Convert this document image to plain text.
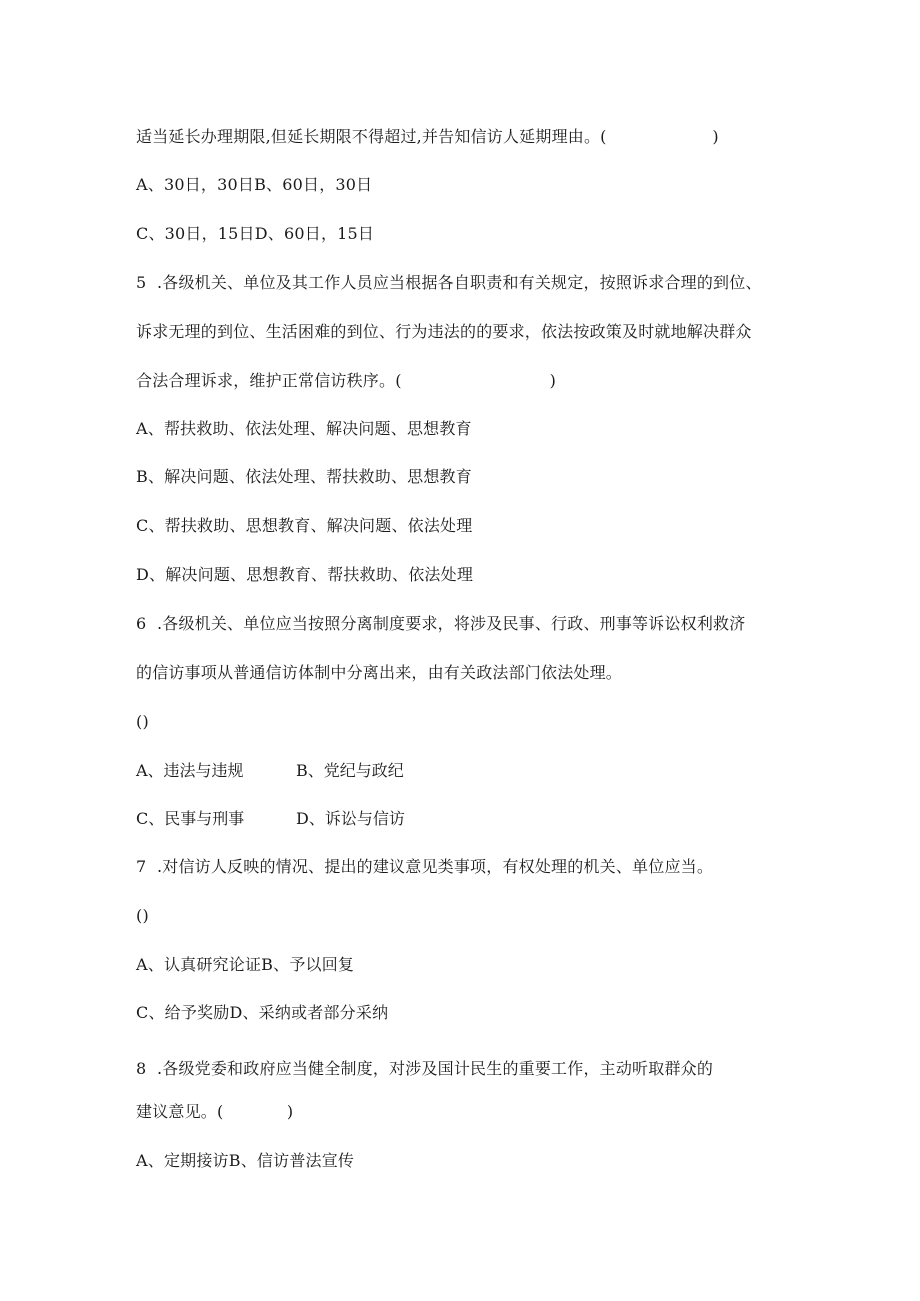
适当延长办理期限,但延长期限不得超过,并告知信访人延期理由。(                    )
A、30日，30日B、60日，30日
C、30日，15日D、60日，15日
5  .各级机关、单位及其工作人员应当根据各自职责和有关规定，按照诉求合理的到位、
诉求无理的到位、生活困难的到位、行为违法的的要求，依法按政策及时就地解决群众
合法合理诉求，维护正常信访秩序。(                            )
A、帮扶救助、依法处理、解决问题、思想教育
B、解决问题、依法处理、帮扶救助、思想教育
C、帮扶救助、思想教育、解决问题、依法处理
D、解决问题、思想教育、帮扶救助、依法处理
6  .各级机关、单位应当按照分离制度要求，将涉及民事、行政、刑事等诉讼权利救济
的信访事项从普通信访体制中分离出来，由有关政法部门依法处理。
()
A、违法与违规	B、党纪与政纪
C、民事与刑事	D、诉讼与信访
7  .对信访人反映的情况、提出的建议意见类事项，有权处理的机关、单位应当。
()
A、认真研究论证B、予以回复
C、给予奖励D、采纳或者部分采纳
8  .各级党委和政府应当健全制度，对涉及国计民生的重要工作，主动听取群众的
建议意见。(            )
A、定期接访B、信访普法宣传
